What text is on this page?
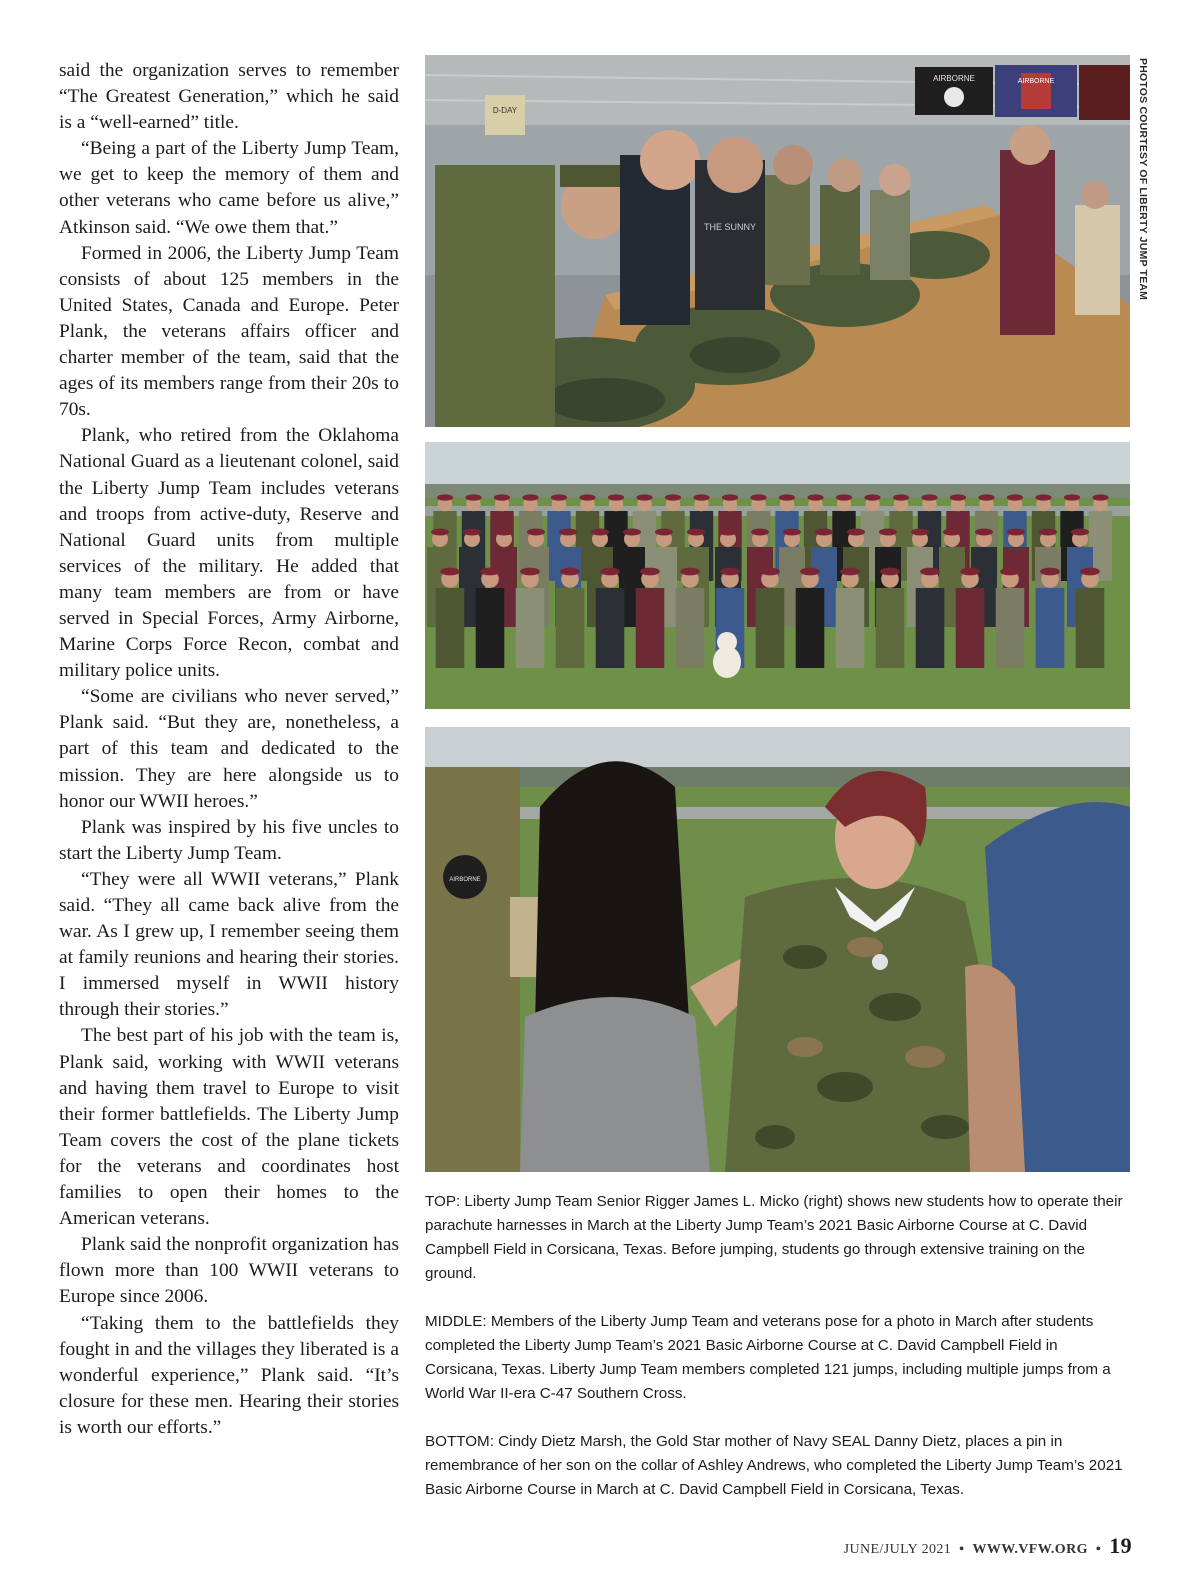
said the organization serves to remember “The Greatest Generation,” which he said is a “well-earned” title.

“Being a part of the Liberty Jump Team, we get to keep the memory of them and other veterans who came before us alive,” Atkinson said. “We owe them that.”

Formed in 2006, the Liberty Jump Team consists of about 125 members in the United States, Canada and Europe. Peter Plank, the veterans affairs officer and charter member of the team, said that the ages of its members range from their 20s to 70s.

Plank, who retired from the Oklahoma National Guard as a lieutenant colonel, said the Liberty Jump Team includes veterans and troops from active-duty, Reserve and National Guard units from multiple services of the military. He added that many team members are from or have served in Special Forces, Army Airborne, Marine Corps Force Recon, combat and military police units.

“Some are civilians who never served,” Plank said. “But they are, nonetheless, a part of this team and dedicated to the mission. They are here alongside us to honor our WWII heroes.”

Plank was inspired by his five uncles to start the Liberty Jump Team.

“They were all WWII veterans,” Plank said. “They all came back alive from the war. As I grew up, I remember seeing them at family reunions and hearing their stories. I immersed myself in WWII history through their stories.”

The best part of his job with the team is, Plank said, working with WWII veterans and having them travel to Europe to visit their former battlefields. The Liberty Jump Team covers the cost of the plane tickets for the veterans and coordinates host families to open their homes to the American veterans.

Plank said the nonprofit organization has flown more than 100 WWII veterans to Europe since 2006.

“Taking them to the battlefields they fought in and the villages they liberated is a wonderful experience,” Plank said. “It’s closure for these men. Hearing their stories is worth our efforts.”

AIRBORNE	AIRBORNE
D-DAY
THE SUNNY
AIRBORNE
PHOTOS COURTESY OF LIBERTY JUMP TEAM

TOP: Liberty Jump Team Senior Rigger James L. Micko (right) shows new students how to operate their parachute harnesses in March at the Liberty Jump Team’s 2021 Basic Airborne Course at C. David Campbell Field in Corsicana, Texas. Before jumping, students go through extensive training on the ground.

MIDDLE: Members of the Liberty Jump Team and veterans pose for a photo in March after students completed the Liberty Jump Team’s 2021 Basic Airborne Course at C. David Campbell Field in Corsicana, Texas. Liberty Jump Team members completed 121 jumps, including multiple jumps from a World War II-era C-47 Southern Cross.

BOTTOM: Cindy Dietz Marsh, the Gold Star mother of Navy SEAL Danny Dietz, places a pin in remembrance of her son on the collar of Ashley Andrews, who completed the Liberty Jump Team’s 2021 Basic Airborne Course in March at C. David Campbell Field in Corsicana, Texas.

JUNE/JULY 2021 • WWW.VFW.ORG • 19
